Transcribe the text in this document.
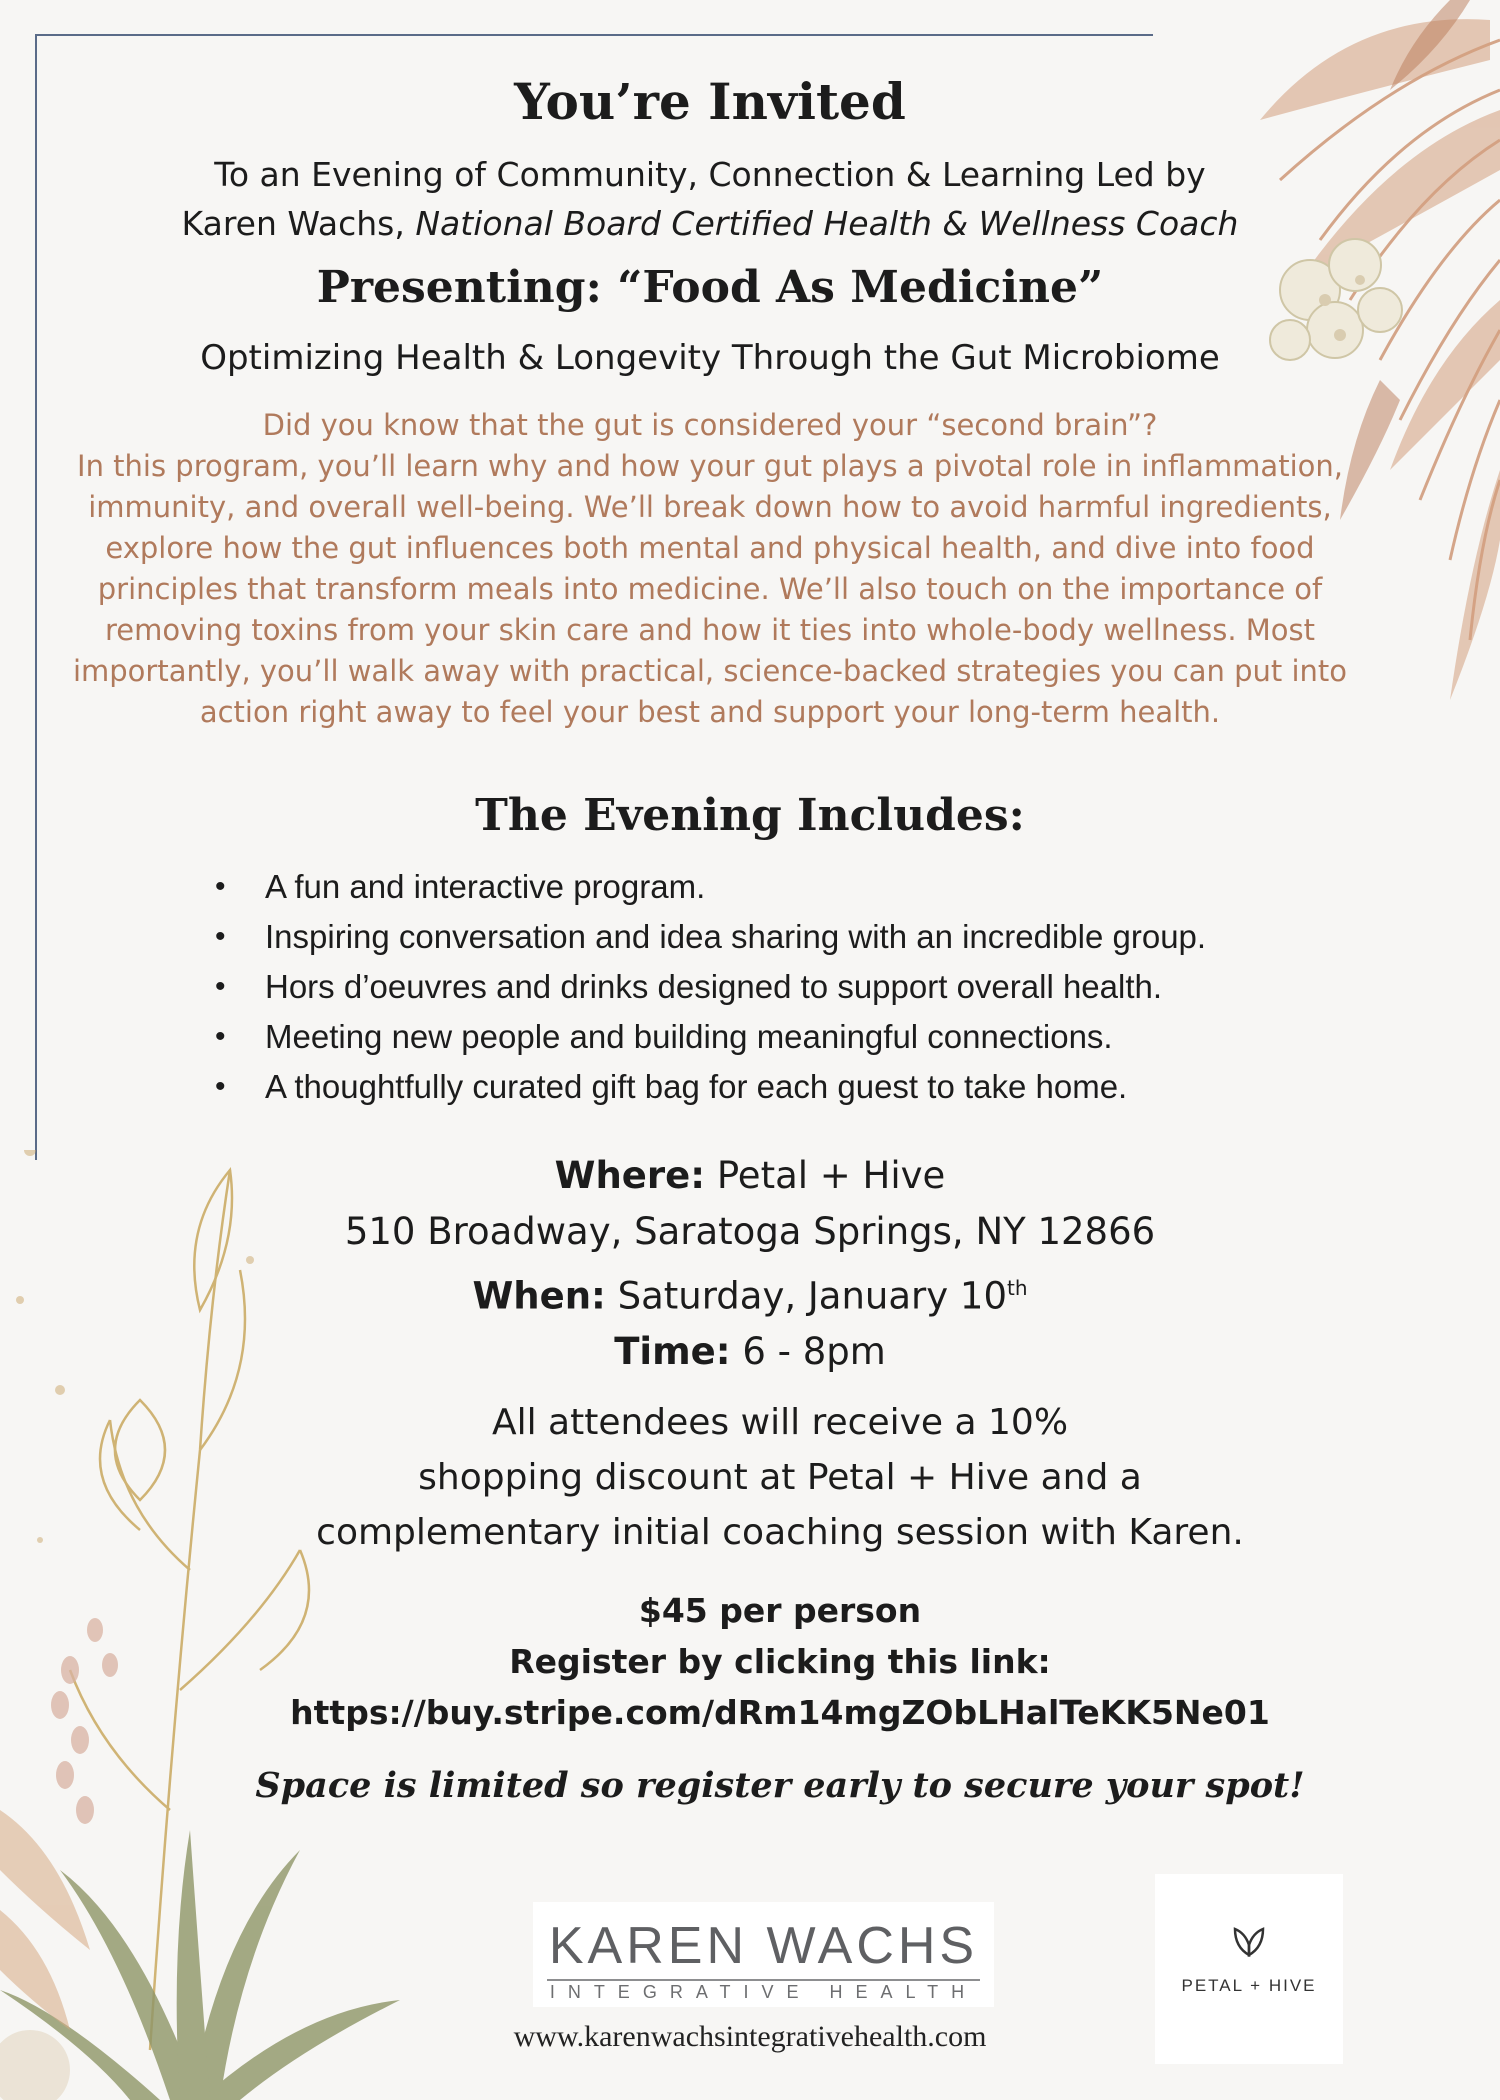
You’re Invited
To an Evening of Community, Connection & Learning Led by
Karen Wachs, National Board Certified Health & Wellness Coach
Presenting: “Food As Medicine”
Optimizing Health & Longevity Through the Gut Microbiome
Did you know that the gut is considered your “second brain”?
In this program, you’ll learn why and how your gut plays a pivotal role in inflammation, immunity, and overall well-being. We’ll break down how to avoid harmful ingredients, explore how the gut influences both mental and physical health, and dive into food principles that transform meals into medicine. We’ll also touch on the importance of removing toxins from your skin care and how it ties into whole-body wellness. Most importantly, you’ll walk away with practical, science-backed strategies you can put into action right away to feel your best and support your long-term health.
The Evening Includes:
• A fun and interactive program.
• Inspiring conversation and idea sharing with an incredible group.
• Hors d’oeuvres and drinks designed to support overall health.
• Meeting new people and building meaningful connections.
• A thoughtfully curated gift bag for each guest to take home.
Where: Petal + Hive
510 Broadway, Saratoga Springs, NY 12866
When: Saturday, January 10th
Time: 6 - 8pm
All attendees will receive a 10%
shopping discount at Petal + Hive and a
complementary initial coaching session with Karen.
$45 per person
Register by clicking this link:
https://buy.stripe.com/dRm14mgZObLHalTeKK5Ne01
Space is limited so register early to secure your spot!
KAREN WACHS
INTEGRATIVE HEALTH	PETAL + HIVE
www.karenwachsintegrativehealth.com
